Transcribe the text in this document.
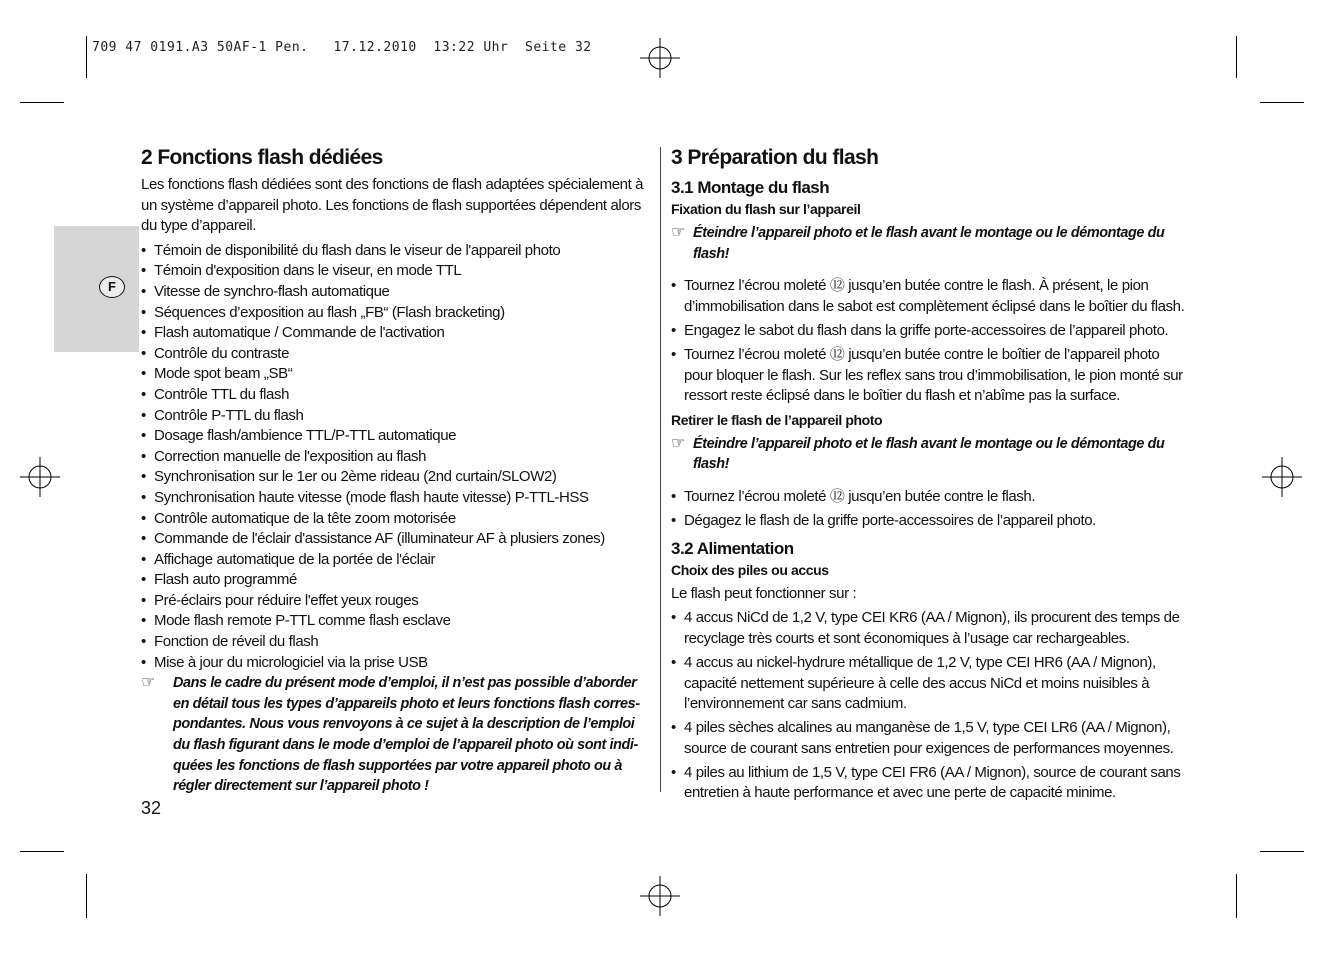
709 47 0191.A3 50AF-1 Pen.   17.12.2010  13:22 Uhr  Seite 32
F
2 Fonctions flash dédiées

Les fonctions flash dédiées sont des fonctions de flash adaptées spécialement à un système d’appareil photo. Les fonctions de flash supportées dépendent alors du type d’appareil.

• Témoin de disponibilité du flash dans le viseur de l'appareil photo
• Témoin d'exposition dans le viseur, en mode TTL
• Vitesse de synchro-flash automatique
• Séquences d’exposition au flash „FB“ (Flash bracketing)
• Flash automatique / Commande de l'activation
• Contrôle du contraste
• Mode spot beam „SB“
• Contrôle TTL du flash
• Contrôle P-TTL du flash
• Dosage flash/ambience TTL/P-TTL automatique
• Correction manuelle de l'exposition au flash
• Synchronisation sur le 1er ou 2ème rideau (2nd curtain/SLOW2)
• Synchronisation haute vitesse (mode flash haute vitesse) P-TTL-HSS
• Contrôle automatique de la tête zoom motorisée
• Commande de l'éclair d'assistance AF (illuminateur AF à plusiers zones)
• Affichage automatique de la portée de l'éclair
• Flash auto programmé
• Pré-éclairs pour réduire l'effet yeux rouges
• Mode flash remote P-TTL comme flash esclave
• Fonction de réveil du flash
• Mise à jour du micrologiciel via la prise USB
☞ Dans le cadre du présent mode d’emploi, il n’est pas possible d’aborder en détail tous les types d’appareils photo et leurs fonctions flash corres-pondantes. Nous vous renvoyons à ce sujet à la description de l’emploi du flash figurant dans le mode d’emploi de l’appareil photo où sont indi-quées les fonctions de flash supportées par votre appareil photo ou à régler directement sur l’appareil photo !
3 Préparation du flash
3.1 Montage du flash
Fixation du flash sur l’appareil
☞ Éteindre l’appareil photo et le flash avant le montage ou le démontage du flash!
• Tournez l’écrou moleté ⑫ jusqu’en butée contre le flash. À présent, le pion d’immobilisation dans le sabot est complètement éclipsé dans le boîtier du flash.
• Engagez le sabot du flash dans la griffe porte-accessoires de l’appareil photo.
• Tournez l’écrou moleté ⑫ jusqu’en butée contre le boîtier de l’appareil photo pour bloquer le flash. Sur les reflex sans trou d’immobilisation, le pion monté sur ressort reste éclipsé dans le boîtier du flash et n’abîme pas la surface.
Retirer le flash de l’appareil photo
☞ Éteindre l’appareil photo et le flash avant le montage ou le démontage du flash!
• Tournez l’écrou moleté ⑫ jusqu’en butée contre le flash.
• Dégagez le flash de la griffe porte-accessoires de l’appareil photo.
3.2 Alimentation
Choix des piles ou accus

Le flash peut fonctionner sur :

• 4 accus NiCd de 1,2 V, type CEI KR6 (AA / Mignon), ils procurent des temps de recyclage très courts et sont économiques à l’usage car rechargeables.
• 4 accus au nickel-hydrure métallique de 1,2 V, type CEI HR6 (AA / Mignon), capacité nettement supérieure à celle des accus NiCd et moins nuisibles à l’environnement car sans cadmium.
• 4 piles sèches alcalines au manganèse de 1,5 V, type CEI LR6 (AA / Mignon), source de courant sans entretien pour exigences de performances moyennes.
• 4 piles au lithium de 1,5 V, type CEI FR6 (AA / Mignon), source de courant sans entretien à haute performance et avec une perte de capacité minime.
32
